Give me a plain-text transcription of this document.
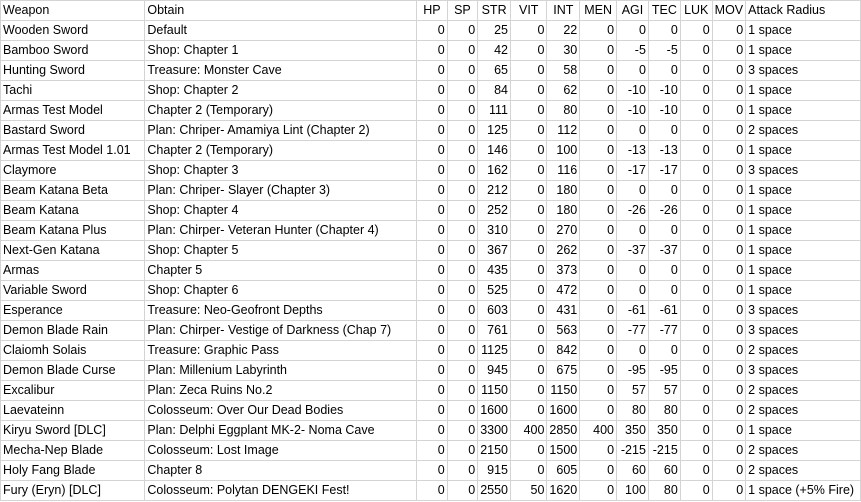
Weapon	Obtain	HP	SP	STR	VIT	INT	MEN	AGI	TEC	LUK	MOV	Attack Radius
Wooden Sword	Default	0	0	25	0	22	0	0	0	0	0	1 space
Bamboo Sword	Shop: Chapter 1	0	0	42	0	30	0	-5	-5	0	0	1 space
Hunting Sword	Treasure: Monster Cave	0	0	65	0	58	0	0	0	0	0	3 spaces
Tachi	Shop: Chapter 2	0	0	84	0	62	0	-10	-10	0	0	1 space
Armas Test Model	Chapter 2 (Temporary)	0	0	111	0	80	0	-10	-10	0	0	1 space
Bastard Sword	Plan: Chriper- Amamiya Lint (Chapter 2)	0	0	125	0	112	0	0	0	0	0	2 spaces
Armas Test Model 1.01	Chapter 2 (Temporary)	0	0	146	0	100	0	-13	-13	0	0	1 space
Claymore	Shop: Chapter 3	0	0	162	0	116	0	-17	-17	0	0	3 spaces
Beam Katana Beta	Plan: Chriper- Slayer (Chapter 3)	0	0	212	0	180	0	0	0	0	0	1 space
Beam Katana	Shop: Chapter 4	0	0	252	0	180	0	-26	-26	0	0	1 space
Beam Katana Plus	Plan: Chirper- Veteran Hunter (Chapter 4)	0	0	310	0	270	0	0	0	0	0	1 space
Next-Gen Katana	Shop: Chapter 5	0	0	367	0	262	0	-37	-37	0	0	1 space
Armas	Chapter 5	0	0	435	0	373	0	0	0	0	0	1 space
Variable Sword	Shop: Chapter 6	0	0	525	0	472	0	0	0	0	0	1 space
Esperance	Treasure: Neo-Geofront Depths	0	0	603	0	431	0	-61	-61	0	0	3 spaces
Demon Blade Rain	Plan: Chirper- Vestige of Darkness (Chap 7)	0	0	761	0	563	0	-77	-77	0	0	3 spaces
Claiomh Solais	Treasure: Graphic Pass	0	0	1125	0	842	0	0	0	0	0	2 spaces
Demon Blade Curse	Plan: Millenium Labyrinth	0	0	945	0	675	0	-95	-95	0	0	3 spaces
Excalibur	Plan: Zeca Ruins No.2	0	0	1150	0	1150	0	57	57	0	0	2 spaces
Laevateinn	Colosseum: Over Our Dead Bodies	0	0	1600	0	1600	0	80	80	0	0	2 spaces
Kiryu Sword [DLC]	Plan: Delphi Eggplant MK-2- Noma Cave	0	0	3300	400	2850	400	350	350	0	0	1 space
Mecha-Nep Blade	Colosseum: Lost Image	0	0	2150	0	1500	0	-215	-215	0	0	2 spaces
Holy Fang Blade	Chapter 8	0	0	915	0	605	0	60	60	0	0	2 spaces
Fury (Eryn) [DLC]	Colosseum: Polytan DENGEKI Fest!	0	0	2550	50	1620	0	100	80	0	0	1 space (+5% Fire)
